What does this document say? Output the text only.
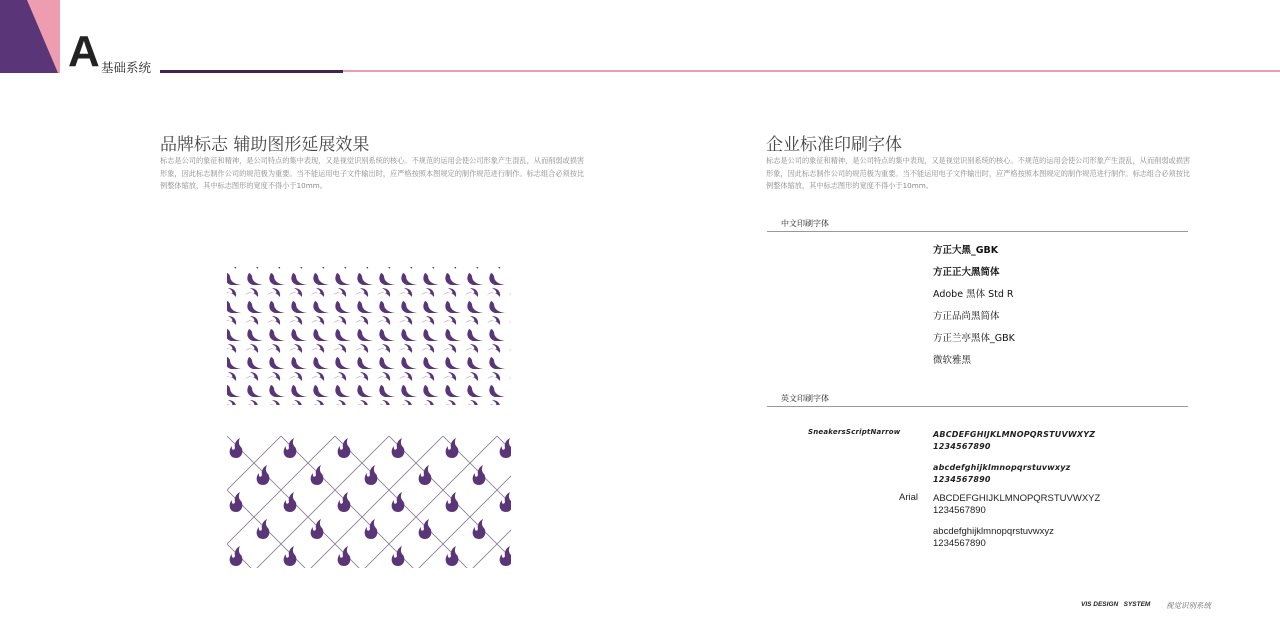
A 基础系统
品牌标志 辅助图形延展效果
标志是公司的象征和精神，是公司特点的集中表现，又是视觉识别系统的核心。不规范的运用会使公司形象产生混乱，从而削弱或损害形象，因此标志制作公司的规范极为重要。当不能运用电子文件输出时，应严格按照本图规定的制作规范进行制作。标志组合必须按比例整体缩放，其中标志图形的宽度不得小于10mm。
企业标准印刷字体
标志是公司的象征和精神，是公司特点的集中表现，又是视觉识别系统的核心。不规范的运用会使公司形象产生混乱，从而削弱或损害形象，因此标志制作公司的规范极为重要。当不能运用电子文件输出时，应严格按照本图规定的制作规范进行制作。标志组合必须按比例整体缩放，其中标志图形的宽度不得小于10mm。
中文印刷字体
方正大黑_GBK
方正正大黑简体
Adobe 黑体 Std R
方正品尚黑简体
方正兰亭黑体_GBK
微软雅黑
英文印刷字体
SneakersScriptNarrow	ABCDEFGHIJKLMNOPQRSTUVWXYZ
1234567890
abcdefghijklmnopqrstuvwxyz
1234567890
Arial ABCDEFGHIJKLMNOPQRSTUVWXYZ
1234567890
abcdefghijklmnopqrstuvwxyz
1234567890
VIS DESIGN   SYSTEM 视觉识别系统
